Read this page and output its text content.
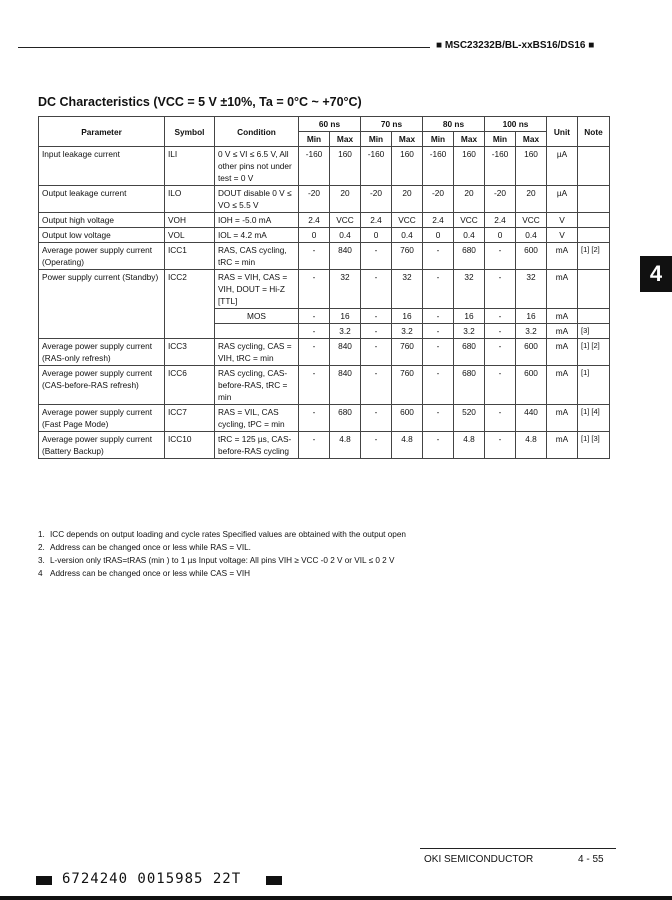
■ MSC23232B/BL-xxBS16/DS16 ■
DC Characteristics (VCC = 5 V ±10%, Ta = 0°C ~ +70°C)
4
Parameter	Symbol	Condition	60 ns		70 ns		80 ns		100 ns		Unit	Note
			Min	Max	Min	Max	Min	Max	Min	Max		
Input leakage current	ILI	0 V ≤ VI ≤ 6.5 V, All other pins not under test = 0 V	-160	160	-160	160	-160	160	-160	160	µA	
Output leakage current	ILO	DOUT disable 0 V ≤ VO ≤ 5.5 V	-20	20	-20	20	-20	20	-20	20	µA	
Output high voltage	VOH	IOH = -5.0 mA	2.4	VCC	2.4	VCC	2.4	VCC	2.4	VCC	V	
Output low voltage	VOL	IOL = 4.2 mA	0	0.4	0	0.4	0	0.4	0	0.4	V	
Average power supply current (Operating)	ICC1	RAS, CAS cycling, tRC = min	-	840	-	760	-	680	-	600	mA	[1] [2]
Power supply current (Standby)	ICC2	RAS = VIH, CAS = VIH, DOUT = Hi-Z [TTL]	-	32	-	32	-	32	-	32	mA	
		MOS	-	16	-	16	-	16	-	16	mA	
			-	3.2	-	3.2	-	3.2	-	3.2	mA	[3]
Average power supply current (RAS-only refresh)	ICC3	RAS cycling, CAS = VIH, tRC = min	-	840	-	760	-	680	-	600	mA	[1] [2]
Average power supply current (CAS-before-RAS refresh)	ICC6	RAS cycling, CAS-before-RAS, tRC = min	-	840	-	760	-	680	-	600	mA	[1]
Average power supply current (Fast Page Mode)	ICC7	RAS = VIL, CAS cycling, tPC = min	-	680	-	600	-	520	-	440	mA	[1] [4]
Average power supply current (Battery Backup)	ICC10	tRC = 125 µs, CAS-before-RAS cycling	-	4.8	-	4.8	-	4.8	-	4.8	mA	[1] [3]
1. ICC depends on output loading and cycle rates Specified values are obtained with the output open
2. Address can be changed once or less while RAS = VIL.
3. L-version only tRAS=tRAS (min ) to 1 µs Input voltage: All pins VIH ≥ VCC -0 2 V or VIL ≤ 0 2 V
4 Address can be changed once or less while CAS = VIH
OKI SEMICONDUCTOR	4 - 55
6724240 0015985 22T
